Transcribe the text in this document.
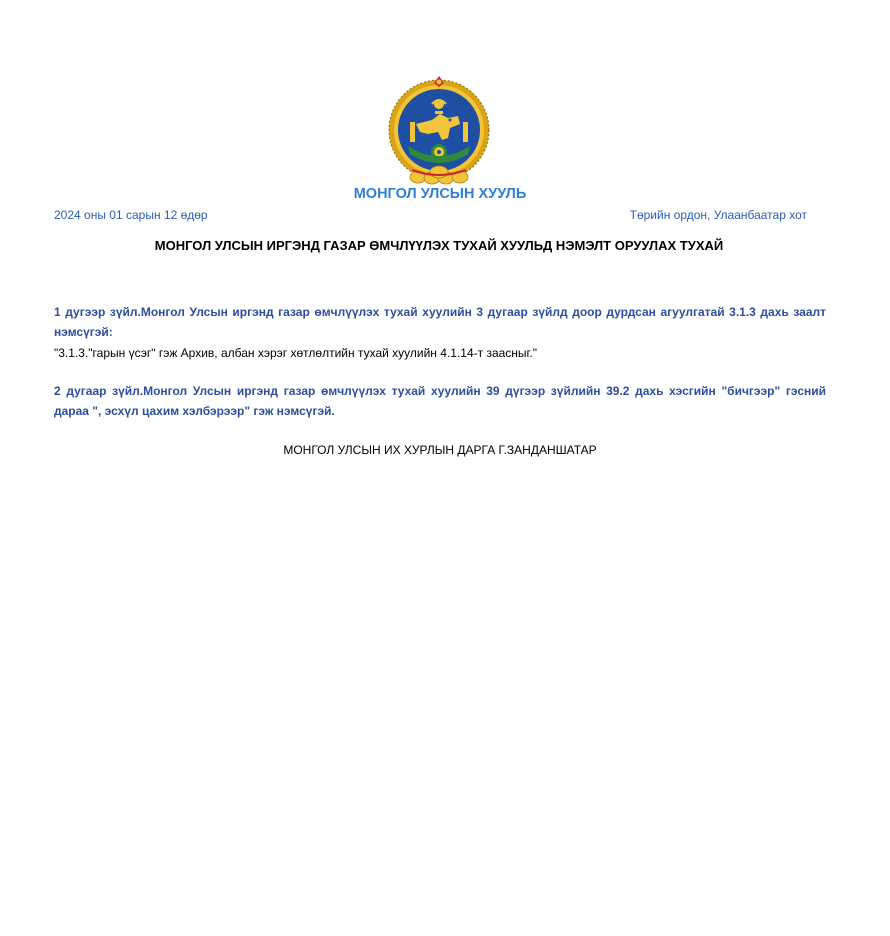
МОНГОЛ УЛСЫН ХУУЛЬ
2024 оны 01 сарын 12 өдөр	Төрийн ордон, Улаанбаатар хот
МОНГОЛ УЛСЫН ИРГЭНД ГАЗАР ӨМЧЛҮҮЛЭХ ТУХАЙ ХУУЛЬД НЭМЭЛТ ОРУУЛАХ ТУХАЙ
1 дугээр зүйл.Монгол Улсын иргэнд газар өмчлүүлэх тухай хуулийн 3 дугаар зүйлд доор дурдсан агуулгатай 3.1.3 дахь заалт нэмсүгэй:
"3.1.3."гарын үсэг" гэж Архив, албан хэрэг хөтлөлтийн тухай хуулийн 4.1.14-т заасныг."
2 дугаар зүйл.Монгол Улсын иргэнд газар өмчлүүлэх тухай хуулийн 39 дүгээр зүйлийн 39.2 дахь хэсгийн "бичгээр" гэсний дараа ", эсхүл цахим хэлбэрээр" гэж нэмсүгэй.
МОНГОЛ УЛСЫН ИХ ХУРЛЫН ДАРГА Г.ЗАНДАНШАТАР
